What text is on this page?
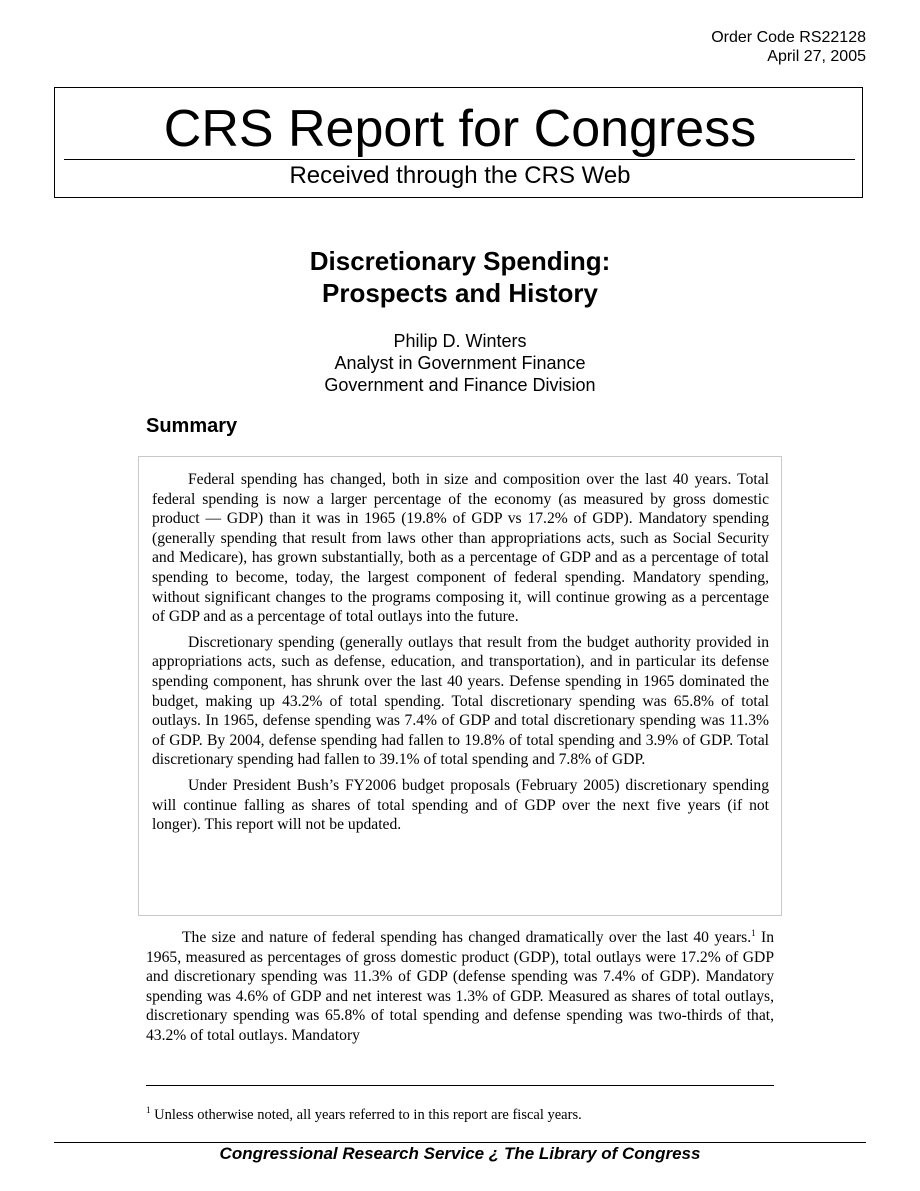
Order Code RS22128
April 27, 2005
CRS Report for Congress
Received through the CRS Web
Discretionary Spending:
Prospects and History
Philip D. Winters
Analyst in Government Finance
Government and Finance Division
Summary

Federal spending has changed, both in size and composition over the last 40 years. Total federal spending is now a larger percentage of the economy (as measured by gross domestic product — GDP) than it was in 1965 (19.8% of GDP vs 17.2% of GDP). Mandatory spending (generally spending that result from laws other than appropriations acts, such as Social Security and Medicare), has grown substantially, both as a percentage of GDP and as a percentage of total spending to become, today, the largest component of federal spending. Mandatory spending, without significant changes to the programs composing it, will continue growing as a percentage of GDP and as a percentage of total outlays into the future.

Discretionary spending (generally outlays that result from the budget authority provided in appropriations acts, such as defense, education, and transportation), and in particular its defense spending component, has shrunk over the last 40 years. Defense spending in 1965 dominated the budget, making up 43.2% of total spending. Total discretionary spending was 65.8% of total outlays. In 1965, defense spending was 7.4% of GDP and total discretionary spending was 11.3% of GDP. By 2004, defense spending had fallen to 19.8% of total spending and 3.9% of GDP. Total discretionary spending had fallen to 39.1% of total spending and 7.8% of GDP.

Under President Bush’s FY2006 budget proposals (February 2005) discretionary spending will continue falling as shares of total spending and of GDP over the next five years (if not longer). This report will not be updated.

The size and nature of federal spending has changed dramatically over the last 40 years.$^1$ In 1965, measured as percentages of gross domestic product (GDP), total outlays were 17.2% of GDP and discretionary spending was 11.3% of GDP (defense spending was 7.4% of GDP). Mandatory spending was 4.6% of GDP and net interest was 1.3% of GDP. Measured as shares of total outlays, discretionary spending was 65.8% of total spending and defense spending was two-thirds of that, 43.2% of total outlays. Mandatory

$^1$ Unless otherwise noted, all years referred to in this report are fiscal years.
Congressional Research Service ¿ The Library of Congress
